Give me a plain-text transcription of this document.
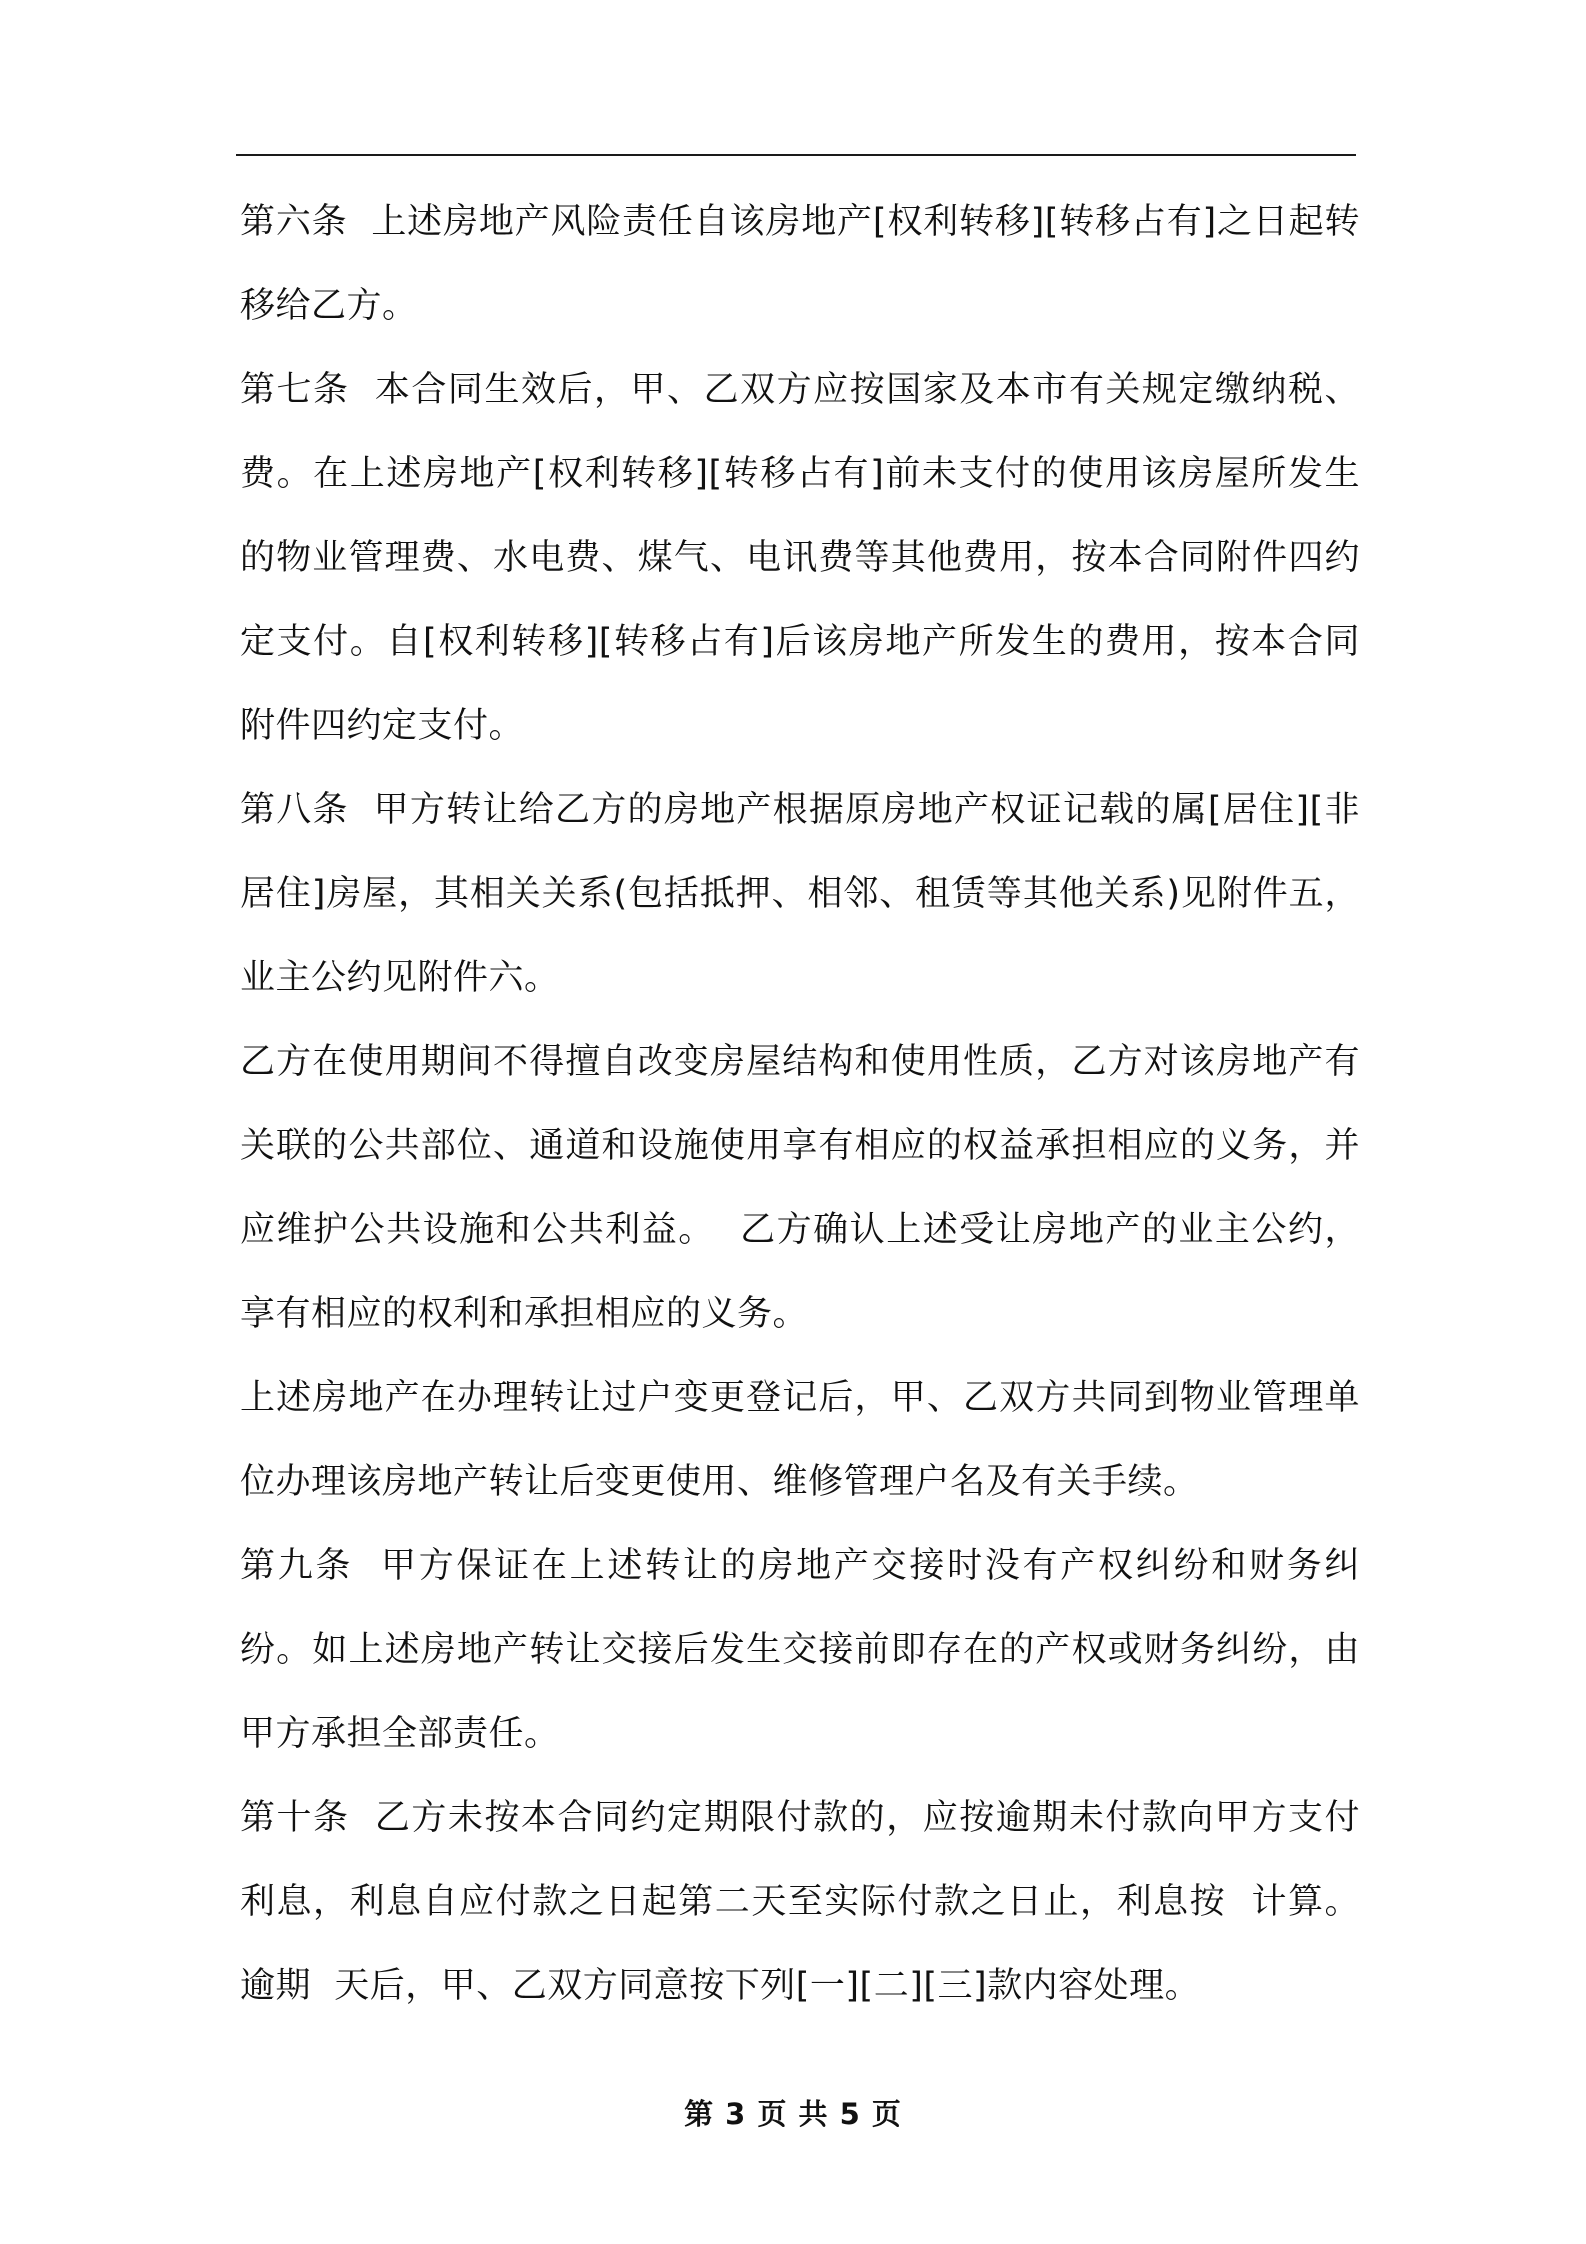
第六条  上述房地产风险责任自该房地产[权利转移][转移占有]之日起转移给乙方。

第七条  本合同生效后，甲、乙双方应按国家及本市有关规定缴纳税、费。在上述房地产[权利转移][转移占有]前未支付的使用该房屋所发生的物业管理费、水电费、煤气、电讯费等其他费用，按本合同附件四约定支付。自[权利转移][转移占有]后该房地产所发生的费用，按本合同附件四约定支付。

第八条  甲方转让给乙方的房地产根据原房地产权证记载的属[居住][非居住]房屋，其相关关系(包括抵押、相邻、租赁等其他关系)见附件五，业主公约见附件六。

乙方在使用期间不得擅自改变房屋结构和使用性质，乙方对该房地产有关联的公共部位、通道和设施使用享有相应的权益承担相应的义务，并应维护公共设施和公共利益。  乙方确认上述受让房地产的业主公约，享有相应的权利和承担相应的义务。

上述房地产在办理转让过户变更登记后，甲、乙双方共同到物业管理单位办理该房地产转让后变更使用、维修管理户名及有关手续。

第九条  甲方保证在上述转让的房地产交接时没有产权纠纷和财务纠纷。如上述房地产转让交接后发生交接前即存在的产权或财务纠纷，由甲方承担全部责任。

第十条  乙方未按本合同约定期限付款的，应按逾期未付款向甲方支付利息，利息自应付款之日起第二天至实际付款之日止，利息按  计算。逾期  天后，甲、乙双方同意按下列[一][二][三]款内容处理。

第 3 页 共 5 页
